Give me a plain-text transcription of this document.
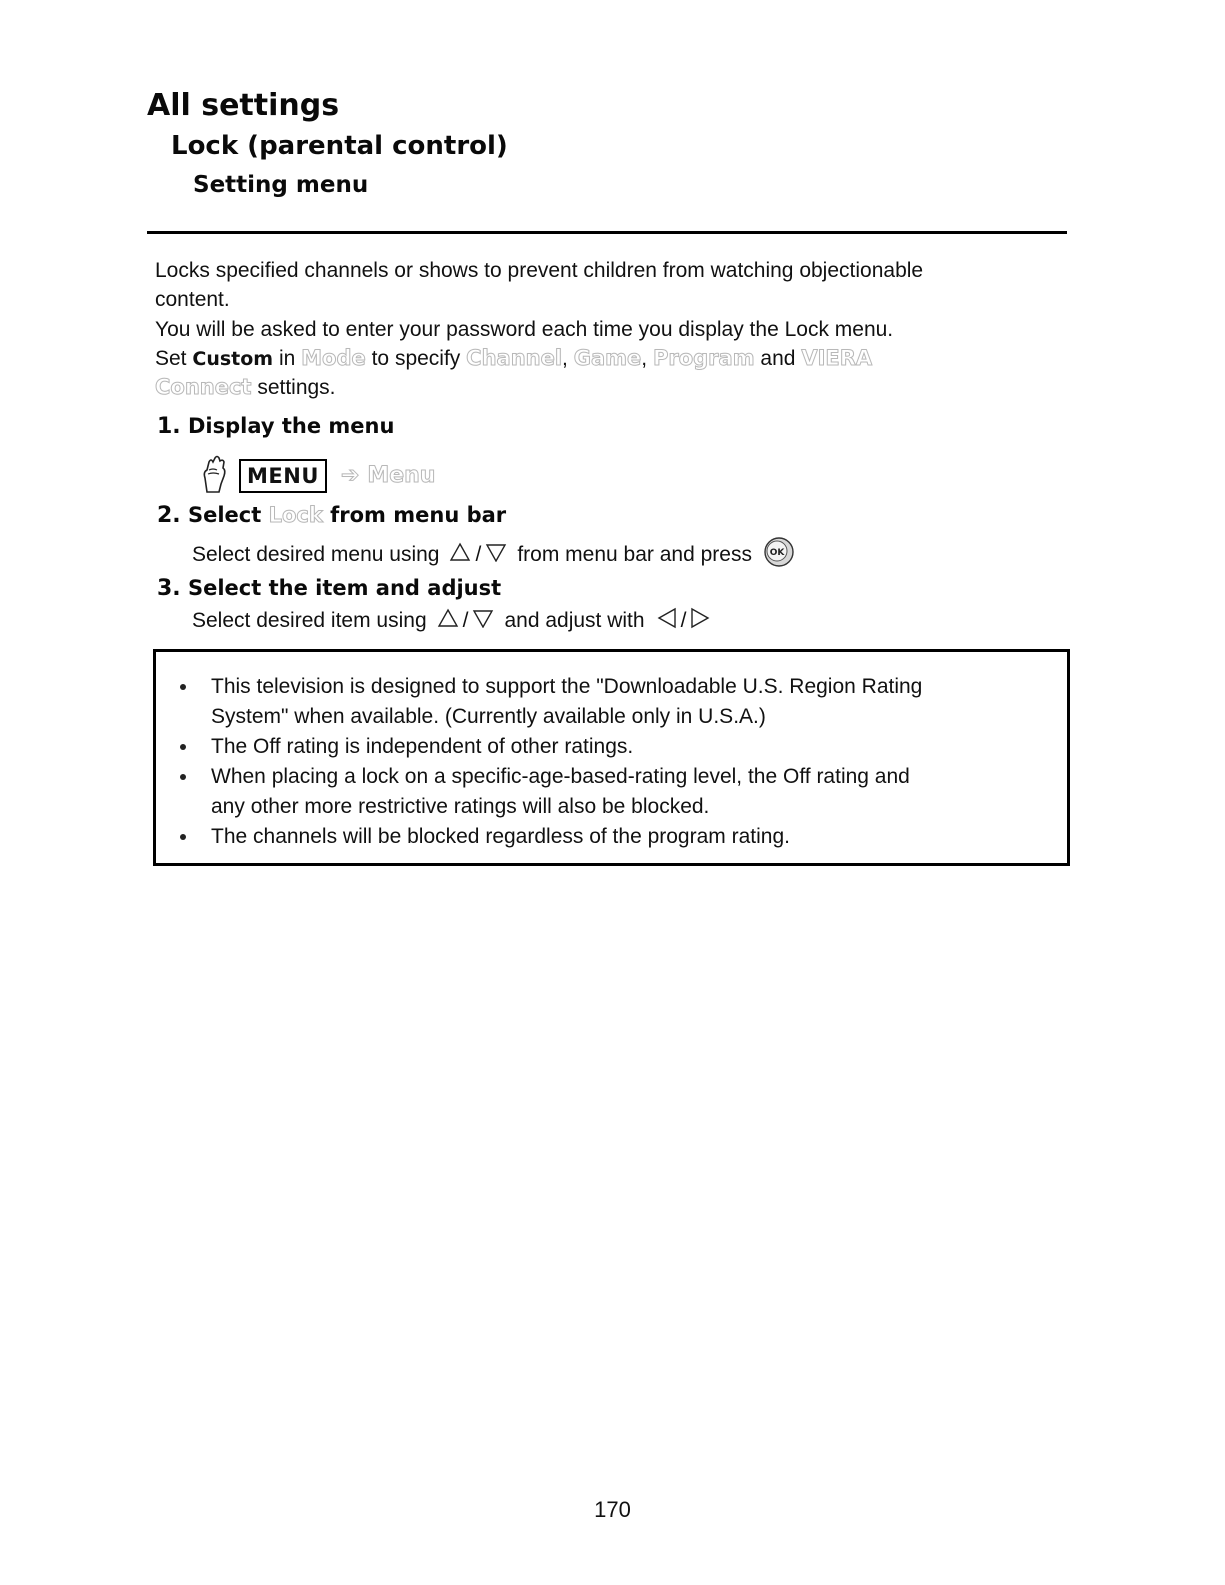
All settings
Lock (parental control)
Setting menu
Locks specified channels or shows to prevent children from watching objectionable
content.
You will be asked to enter your password each time you display the Lock menu.
Set Custom in Mode to specify Channel, Game, Program and VIERA
Connect settings.
1. Display the menu
MENU	➔ Menu
2. Select Lock from menu bar
Select desired menu using / from menu bar and press OK
3. Select the item and adjust
Select desired item using / and adjust with /
This television is designed to support the "Downloadable U.S. Region Rating
System" when available. (Currently available only in U.S.A.)
The Off rating is independent of other ratings.
When placing a lock on a specific-age-based-rating level, the Off rating and
any other more restrictive ratings will also be blocked.
The channels will be blocked regardless of the program rating.
170
